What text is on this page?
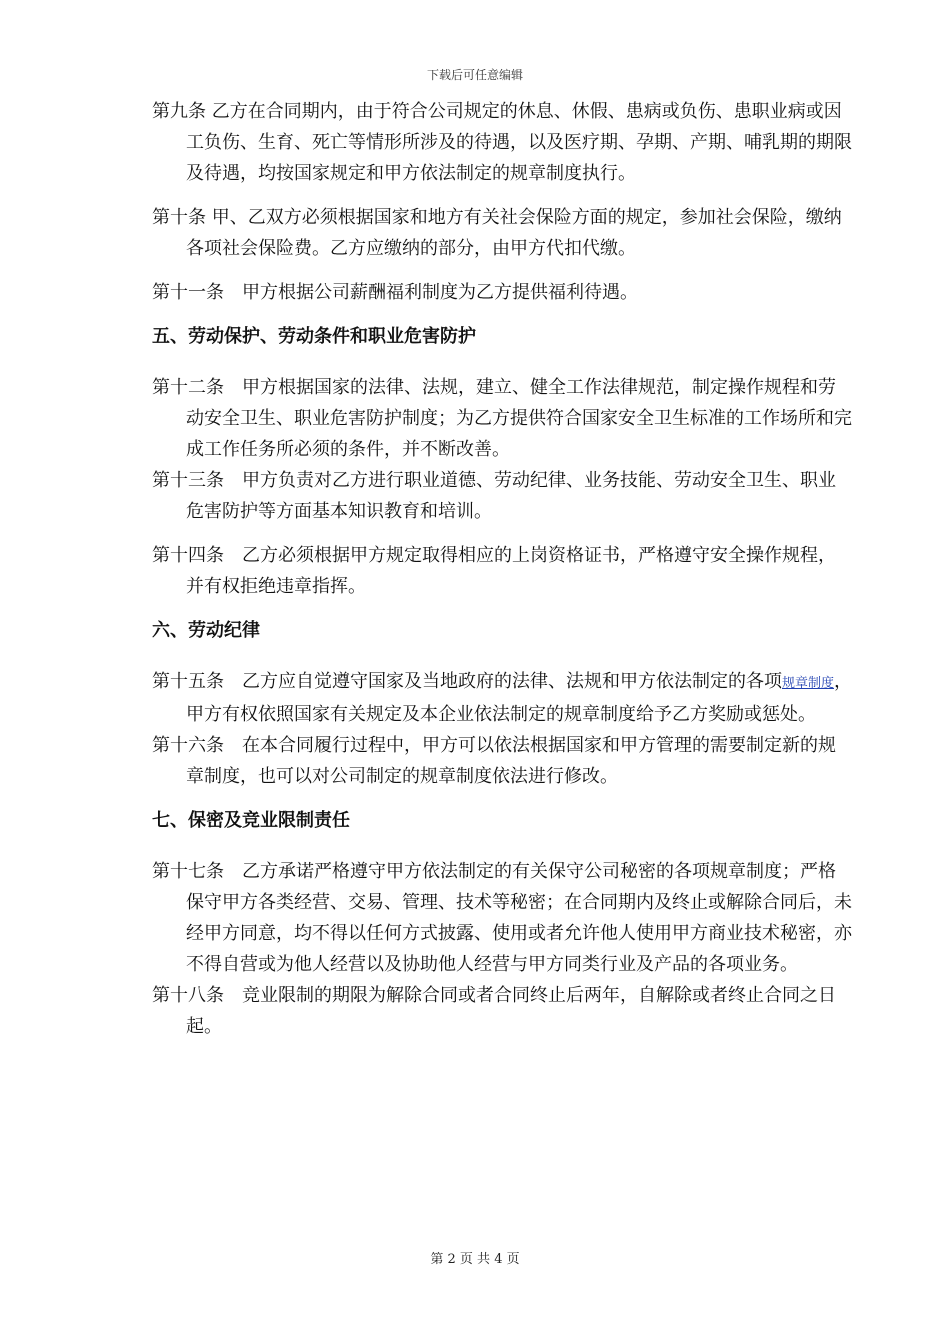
下载后可任意编辑
第九条 乙方在合同期内，由于符合公司规定的休息、休假、患病或负伤、患职业病或因工负伤、生育、死亡等情形所涉及的待遇，以及医疗期、孕期、产期、哺乳期的期限及待遇，均按国家规定和甲方依法制定的规章制度执行。
第十条 甲、乙双方必须根据国家和地方有关社会保险方面的规定，参加社会保险，缴纳各项社会保险费。乙方应缴纳的部分，由甲方代扣代缴。
第十一条 甲方根据公司薪酬福利制度为乙方提供福利待遇。
五、劳动保护、劳动条件和职业危害防护
第十二条 甲方根据国家的法律、法规，建立、健全工作法律规范，制定操作规程和劳动安全卫生、职业危害防护制度；为乙方提供符合国家安全卫生标准的工作场所和完成工作任务所必须的条件，并不断改善。
第十三条 甲方负责对乙方进行职业道德、劳动纪律、业务技能、劳动安全卫生、职业危害防护等方面基本知识教育和培训。
第十四条 乙方必须根据甲方规定取得相应的上岗资格证书，严格遵守安全操作规程，并有权拒绝违章指挥。
六、劳动纪律
第十五条 乙方应自觉遵守国家及当地政府的法律、法规和甲方依法制定的各项规章制度，甲方有权依照国家有关规定及本企业依法制定的规章制度给予乙方奖励或惩处。
第十六条 在本合同履行过程中，甲方可以依法根据国家和甲方管理的需要制定新的规章制度，也可以对公司制定的规章制度依法进行修改。
七、保密及竞业限制责任
第十七条 乙方承诺严格遵守甲方依法制定的有关保守公司秘密的各项规章制度；严格保守甲方各类经营、交易、管理、技术等秘密；在合同期内及终止或解除合同后，未经甲方同意，均不得以任何方式披露、使用或者允许他人使用甲方商业技术秘密，亦不得自营或为他人经营以及协助他人经营与甲方同类行业及产品的各项业务。
第十八条 竞业限制的期限为解除合同或者合同终止后两年，自解除或者终止合同之日起。
第 2 页 共 4 页
